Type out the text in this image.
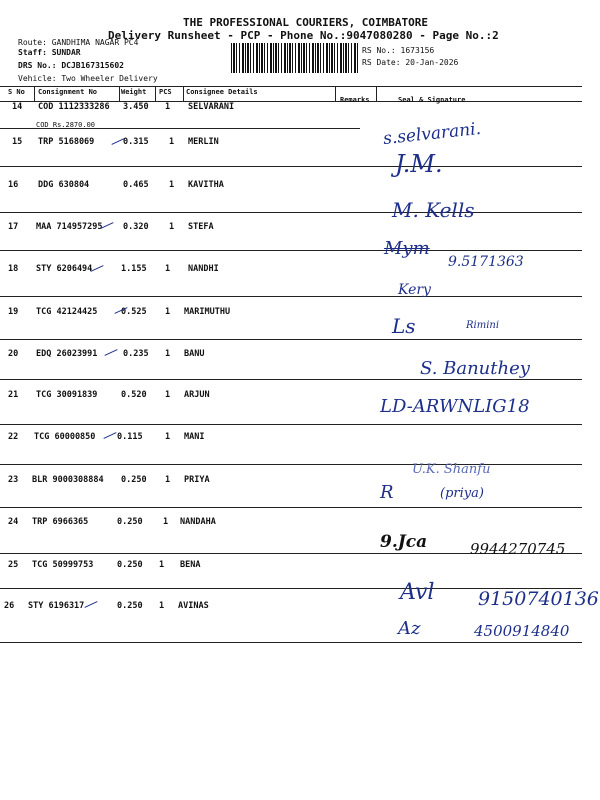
THE PROFESSIONAL COURIERS, COIMBATORE
Delivery Runsheet - PCP - Phone No.:9047080280 - Page No.:2
Route: GANDHIMA NAGAR PC4
Staff: SUNDAR
DRS No.: DCJB167315602
Vehicle: Two Wheeler Delivery
RS No.: 1673156
RS Date: 20-Jan-2026
S No Consignment No	Weight PCS Consignee Details
Remarks	Seal & Signature
14 COD 1112333286 3.450 1 SELVARANI
COD Rs.2870.00
15 TRP 5168069	0.315 1 MERLIN
16 DDG 630804	0.465 1 KAVITHA
17 MAA 714957295 0.320 1 STEFA
18 STY 6206494	1.155 1 NANDHI
19 TCG 42124425	0.525 1 MARIMUTHU
20 EDQ 26023991	0.235 1 BANU
21 TCG 30091839	0.520 1 ARJUN
22 TCG 60000850	0.115	1 MANI
23 BLR 9000308884 0.250 1 PRIYA
24 TRP 6966365	0.250 1 NANDAHA
25 TCG 50999753	0.250 1 BENA
26 STY 6196317	0.250 1 AVINAS
s.selvarani.
J.M.
M. Kells
Mym
9.5171363
Kery
Ls	Rimini
S. Banuthey
LD-ARWNLIG18
U.K. Shanfu
R	(priya)
9.Jca	9944270745
Avl 9150740136
Az	4500914840
